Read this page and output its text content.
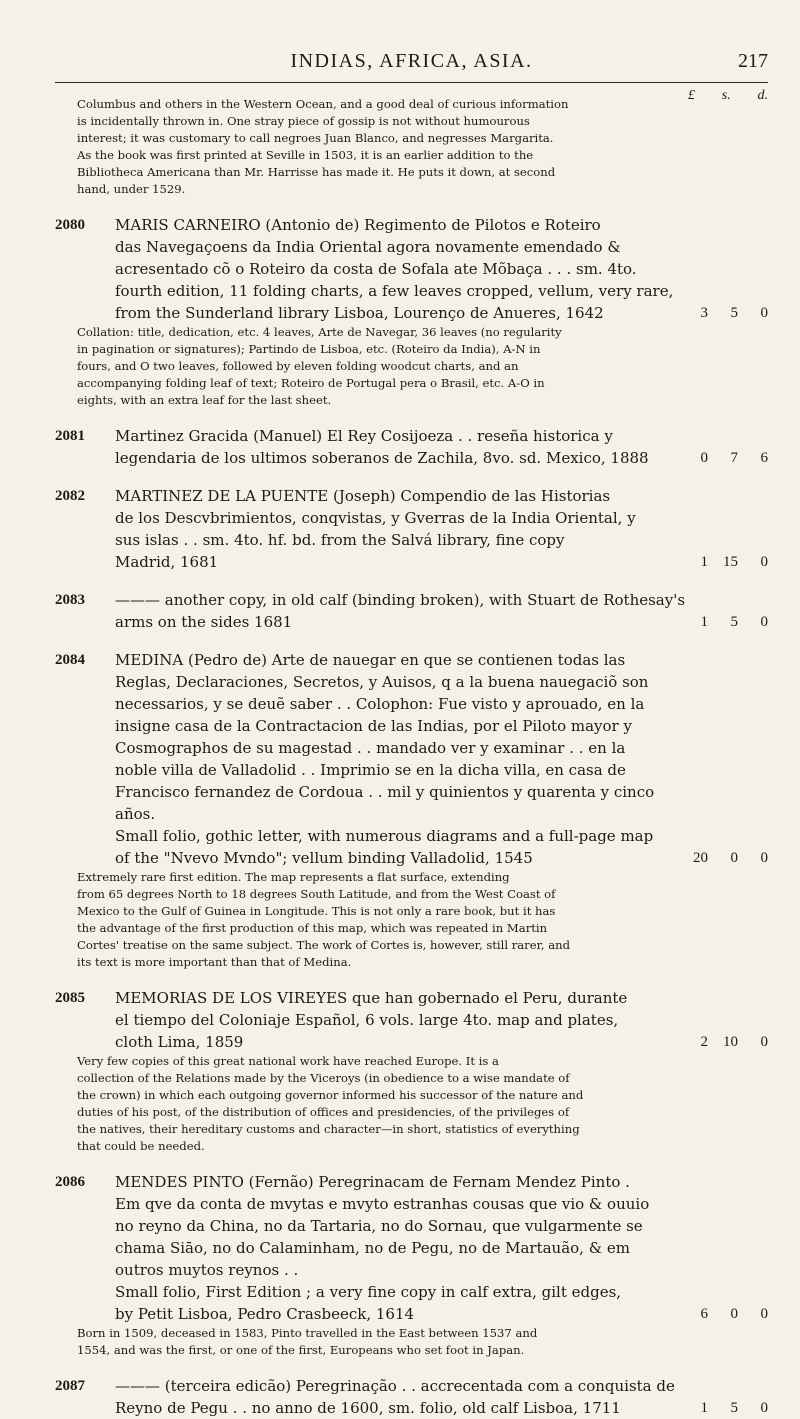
INDIAS, AFRICA, ASIA.	217
£ s. d.
Columbus and others in the Western Ocean, and a good deal of curious information
is incidentally thrown in. One stray piece of gossip is not without humourous
interest; it was customary to call negroes Juan Blanco, and negresses Margarita.
As the book was first printed at Seville in 1503, it is an earlier addition to the
Bibliotheca Americana than Mr. Harrisse has made it. He puts it down, at second
hand, under 1529.
2080 MARIS CARNEIRO (Antonio de) Regimento de Pilotos e Roteiro
das Navegaçoens da India Oriental agora novamente emendado &
acresentado cõ o Roteiro da costa de Sofala ate Mõbaça . . . sm. 4to.
fourth edition, 11 folding charts, a few leaves cropped, vellum, very rare,
from the Sunderland library Lisboa, Lourenço de Anueres, 1642	3	5	0
Collation: title, dedication, etc. 4 leaves, Arte de Navegar, 36 leaves (no regularity
in pagination or signatures); Partindo de Lisboa, etc. (Roteiro da India), A-N in
fours, and O two leaves, followed by eleven folding woodcut charts, and an
accompanying folding leaf of text; Roteiro de Portugal pera o Brasil, etc. A-O in
eights, with an extra leaf for the last sheet.
2081 Martinez Gracida (Manuel) El Rey Cosijoeza . . reseña historica y
legendaria de los ultimos soberanos de Zachila, 8vo. sd. Mexico, 1888	0	7	6
2082 MARTINEZ DE LA PUENTE (Joseph) Compendio de las Historias
de los Descvbrimientos, conqvistas, y Gverras de la India Oriental, y
sus islas . . sm. 4to. hf. bd. from the Salvá library, fine copy
Madrid, 1681	1	15	0
2083 ——— another copy, in old calf (binding broken), with Stuart de Rothesay's
arms on the sides 1681	1	5	0
2084 MEDINA (Pedro de) Arte de nauegar en que se contienen todas las
Reglas, Declaraciones, Secretos, y Auisos, q a la buena nauegaciõ son
necessarios, y se deuẽ saber . . Colophon: Fue visto y aprouado, en la
insigne casa de la Contractacion de las Indias, por el Piloto mayor y
Cosmographos de su magestad . . mandado ver y examinar . . en la
noble villa de Valladolid . . Imprimio se en la dicha villa, en casa de
Francisco fernandez de Cordoua . . mil y quinientos y quarenta y cinco
años.
Small folio, gothic letter, with numerous diagrams and a full-page map
of the "Nvevo Mvndo"; vellum binding Valladolid, 1545	20	0	0
Extremely rare first edition. The map represents a flat surface, extending
from 65 degrees North to 18 degrees South Latitude, and from the West Coast of
Mexico to the Gulf of Guinea in Longitude. This is not only a rare book, but it has
the advantage of the first production of this map, which was repeated in Martin
Cortes' treatise on the same subject. The work of Cortes is, however, still rarer, and
its text is more important than that of Medina.
2085 MEMORIAS DE LOS VIREYES que han gobernado el Peru, durante
el tiempo del Coloniaje Español, 6 vols. large 4to. map and plates,
cloth Lima, 1859	2	10	0
Very few copies of this great national work have reached Europe. It is a
collection of the Relations made by the Viceroys (in obedience to a wise mandate of
the crown) in which each outgoing governor informed his successor of the nature and
duties of his post, of the distribution of offices and presidencies, of the privileges of
the natives, their hereditary customs and character—in short, statistics of everything
that could be needed.
2086 MENDES PINTO (Fernão) Peregrinacam de Fernam Mendez Pinto .
Em qve da conta de mvytas e mvyto estranhas cousas que vio & ouuio
no reyno da China, no da Tartaria, no do Sornau, que vulgarmente se
chama Siāo, no do Calaminham, no de Pegu, no de Martauão, & em
outros muytos reynos . .
Small folio, First Edition ; a very fine copy in calf extra, gilt edges,
by Petit Lisboa, Pedro Crasbeeck, 1614	6	0	0
Born in 1509, deceased in 1583, Pinto travelled in the East between 1537 and
1554, and was the first, or one of the first, Europeans who set foot in Japan.
2087 ——— (terceira edicão) Peregrinação . . accrecentada com a conquista de
Reyno de Pegu . . no anno de 1600, sm. folio, old calf Lisboa, 1711	1	5	0
